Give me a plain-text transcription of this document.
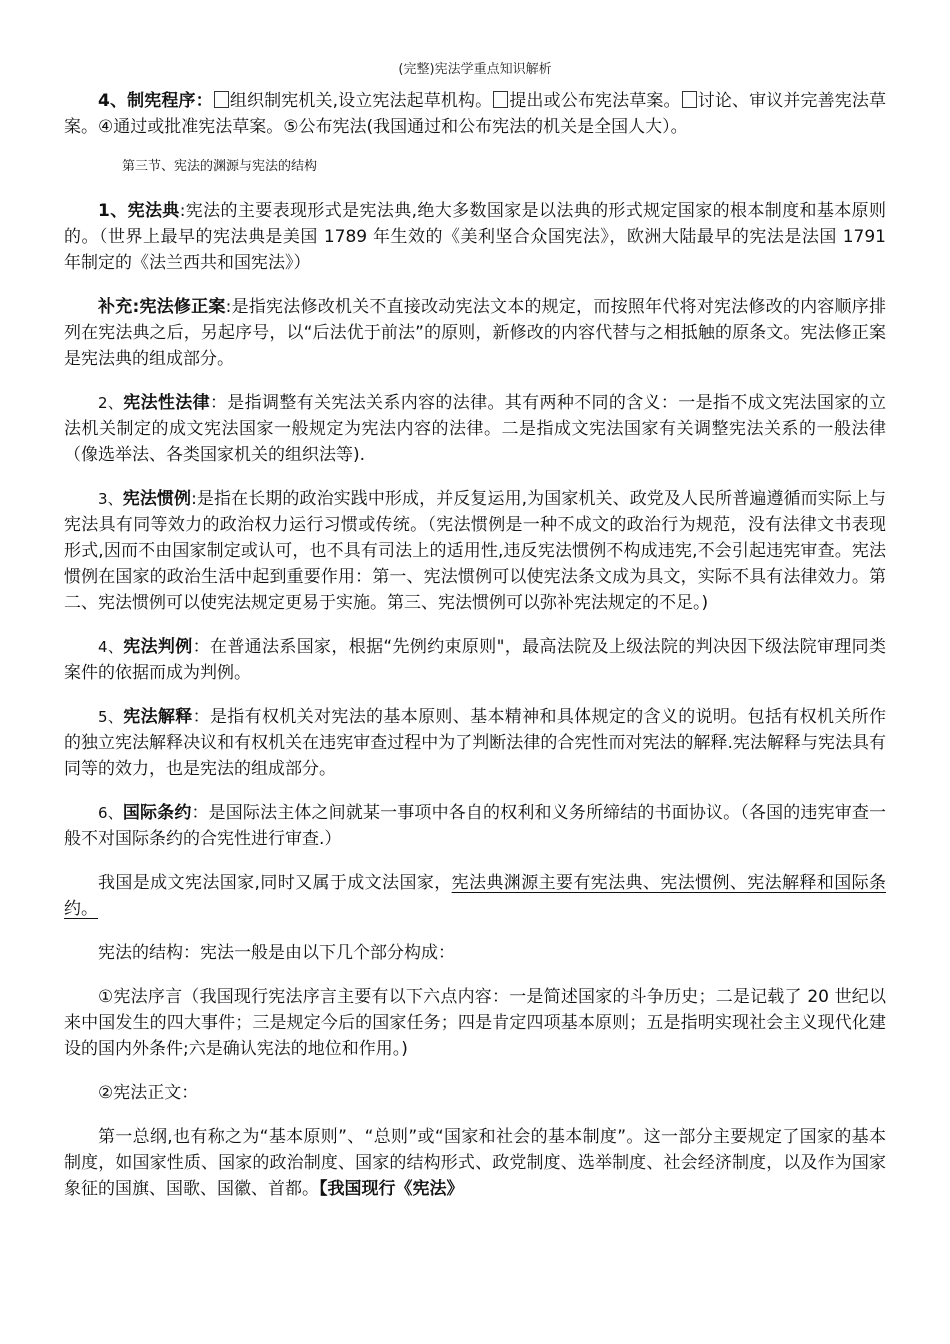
(完整)宪法学重点知识解析

4、制宪程序： 组织制宪机关,设立宪法起草机构。 提出或公布宪法草案。 讨论、审议并完善宪法草案。④通过或批准宪法草案。⑤公布宪法(我国通过和公布宪法的机关是全国人大）。

第三节、宪法的渊源与宪法的结构

1、宪法典:宪法的主要表现形式是宪法典,绝大多数国家是以法典的形式规定国家的根本制度和基本原则的。（世界上最早的宪法典是美国 1789 年生效的《美利坚合众国宪法》，欧洲大陆最早的宪法是法国 1791 年制定的《法兰西共和国宪法》）

补充:宪法修正案:是指宪法修改机关不直接改动宪法文本的规定，而按照年代将对宪法修改的内容顺序排列在宪法典之后，另起序号，以“后法优于前法”的原则，新修改的内容代替与之相抵触的原条文。宪法修正案是宪法典的组成部分。

2、宪法性法律：是指调整有关宪法关系内容的法律。其有两种不同的含义：一是指不成文宪法国家的立法机关制定的成文宪法国家一般规定为宪法内容的法律。二是指成文宪法国家有关调整宪法关系的一般法律（像选举法、各类国家机关的组织法等).

3、宪法惯例:是指在长期的政治实践中形成，并反复运用,为国家机关、政党及人民所普遍遵循而实际上与宪法具有同等效力的政治权力运行习惯或传统。（宪法惯例是一种不成文的政治行为规范，没有法律文书表现形式,因而不由国家制定或认可，也不具有司法上的适用性,违反宪法惯例不构成违宪,不会引起违宪审查。宪法惯例在国家的政治生活中起到重要作用：第一、宪法惯例可以使宪法条文成为具文，实际不具有法律效力。第二、宪法惯例可以使宪法规定更易于实施。第三、宪法惯例可以弥补宪法规定的不足。)

4、宪法判例：在普通法系国家，根据“先例约束原则"，最高法院及上级法院的判决因下级法院审理同类案件的依据而成为判例。

5、宪法解释：是指有权机关对宪法的基本原则、基本精神和具体规定的含义的说明。包括有权机关所作的独立宪法解释决议和有权机关在违宪审查过程中为了判断法律的合宪性而对宪法的解释.宪法解释与宪法具有同等的效力，也是宪法的组成部分。

6、国际条约：是国际法主体之间就某一事项中各自的权利和义务所缔结的书面协议。（各国的违宪审查一般不对国际条约的合宪性进行审查.）

我国是成文宪法国家,同时又属于成文法国家，宪法典渊源主要有宪法典、宪法惯例、宪法解释和国际条约。

宪法的结构：宪法一般是由以下几个部分构成：

①宪法序言（我国现行宪法序言主要有以下六点内容：一是简述国家的斗争历史；二是记载了 20 世纪以来中国发生的四大事件；三是规定今后的国家任务；四是肯定四项基本原则；五是指明实现社会主义现代化建设的国内外条件;六是确认宪法的地位和作用。)

②宪法正文：

第一总纲,也有称之为“基本原则”、“总则”或“国家和社会的基本制度”。这一部分主要规定了国家的基本制度，如国家性质、国家的政治制度、国家的结构形式、政党制度、选举制度、社会经济制度，以及作为国家象征的国旗、国歌、国徽、首都。【我国现行《宪法》
